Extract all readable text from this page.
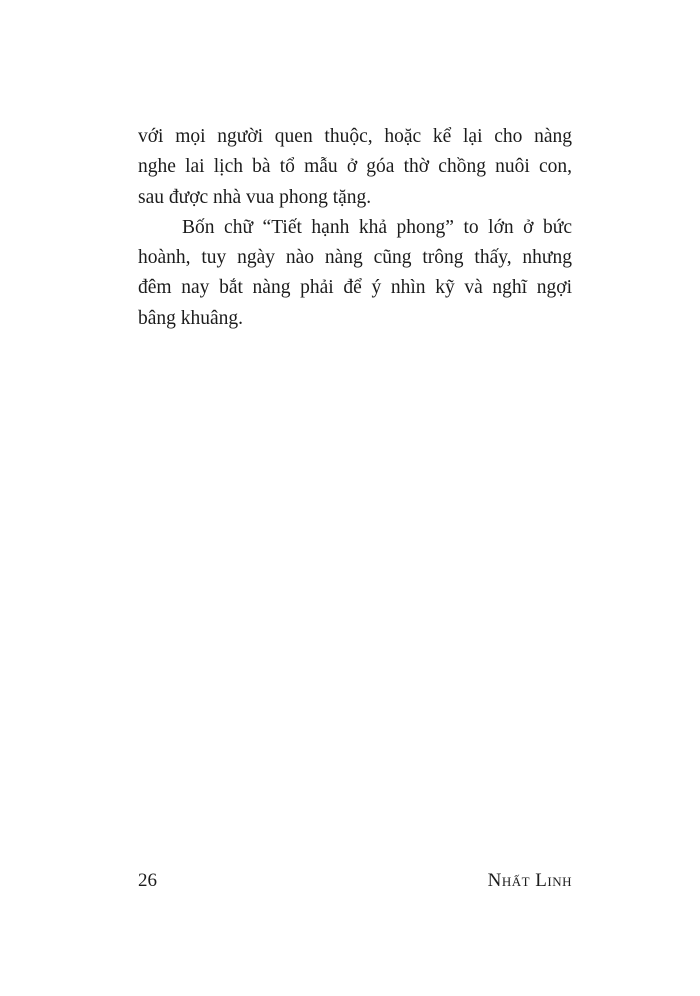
với mọi người quen thuộc, hoặc kể lại cho nàng
nghe lai lịch bà tổ mẫu ở góa thờ chồng nuôi con,
sau được nhà vua phong tặng.

Bốn chữ “Tiết hạnh khả phong” to lớn ở bức
hoành, tuy ngày nào nàng cũng trông thấy, nhưng
đêm nay bắt nàng phải để ý nhìn kỹ và nghĩ ngợi
bâng khuâng.

26	Nhất Linh
